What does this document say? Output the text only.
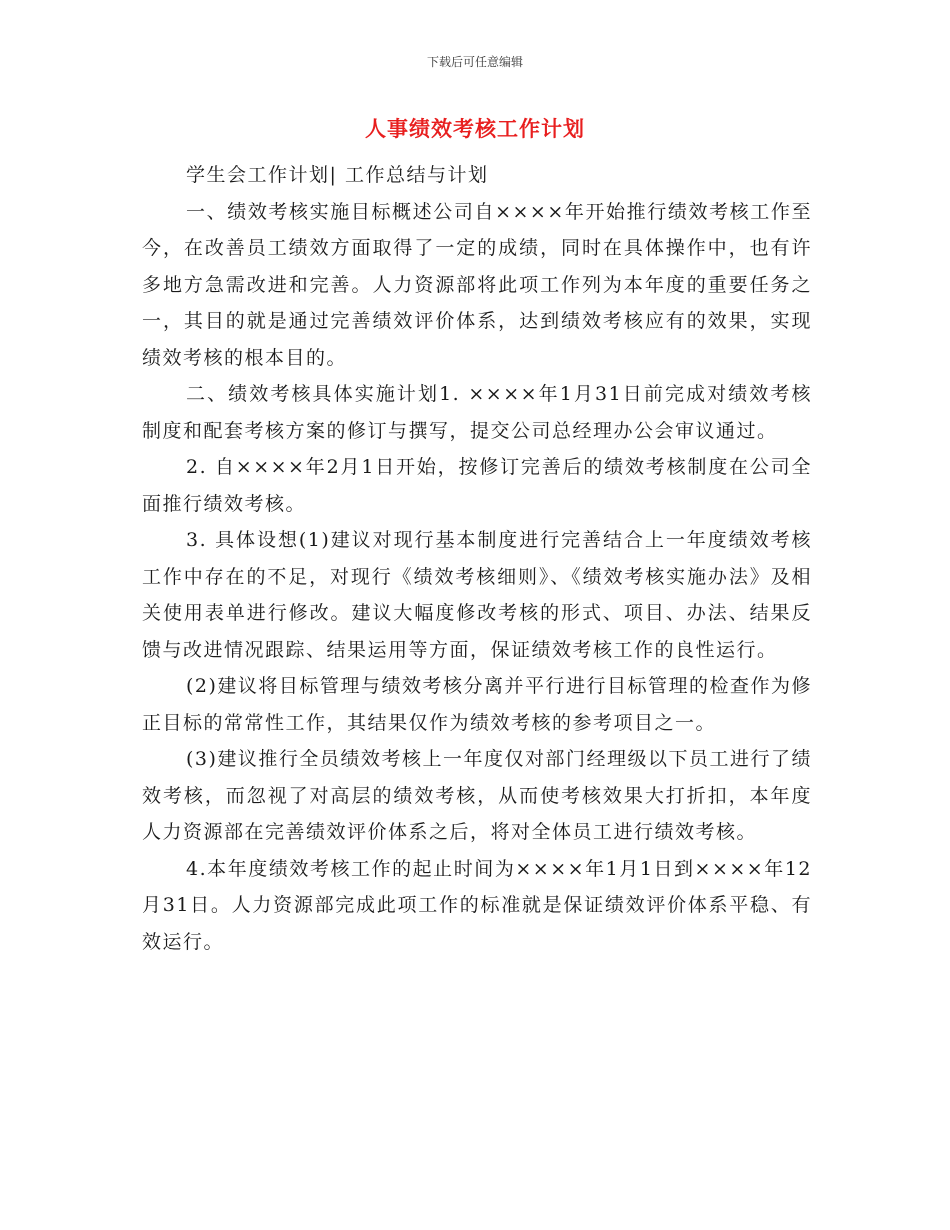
下载后可任意编辑
人事绩效考核工作计划

学生会工作计划| 工作总结与计划

一、绩效考核实施目标概述公司自××××年开始推行绩效考核工作至今，在改善员工绩效方面取得了一定的成绩，同时在具体操作中，也有许多地方急需改进和完善。人力资源部将此项工作列为本年度的重要任务之一，其目的就是通过完善绩效评价体系，达到绩效考核应有的效果，实现绩效考核的根本目的。

二、绩效考核具体实施计划1. ××××年1月31日前完成对绩效考核制度和配套考核方案的修订与撰写，提交公司总经理办公会审议通过。

2. 自××××年2月1日开始，按修订完善后的绩效考核制度在公司全面推行绩效考核。

3. 具体设想(1)建议对现行基本制度进行完善结合上一年度绩效考核工作中存在的不足，对现行《绩效考核细则》、《绩效考核实施办法》及相关使用表单进行修改。建议大幅度修改考核的形式、项目、办法、结果反馈与改进情况跟踪、结果运用等方面，保证绩效考核工作的良性运行。

(2)建议将目标管理与绩效考核分离并平行进行目标管理的检查作为修正目标的常常性工作，其结果仅作为绩效考核的参考项目之一。

(3)建议推行全员绩效考核上一年度仅对部门经理级以下员工进行了绩效考核，而忽视了对高层的绩效考核，从而使考核效果大打折扣，本年度人力资源部在完善绩效评价体系之后，将对全体员工进行绩效考核。

4.本年度绩效考核工作的起止时间为××××年1月1日到××××年12月31日。人力资源部完成此项工作的标准就是保证绩效评价体系平稳、有效运行。
